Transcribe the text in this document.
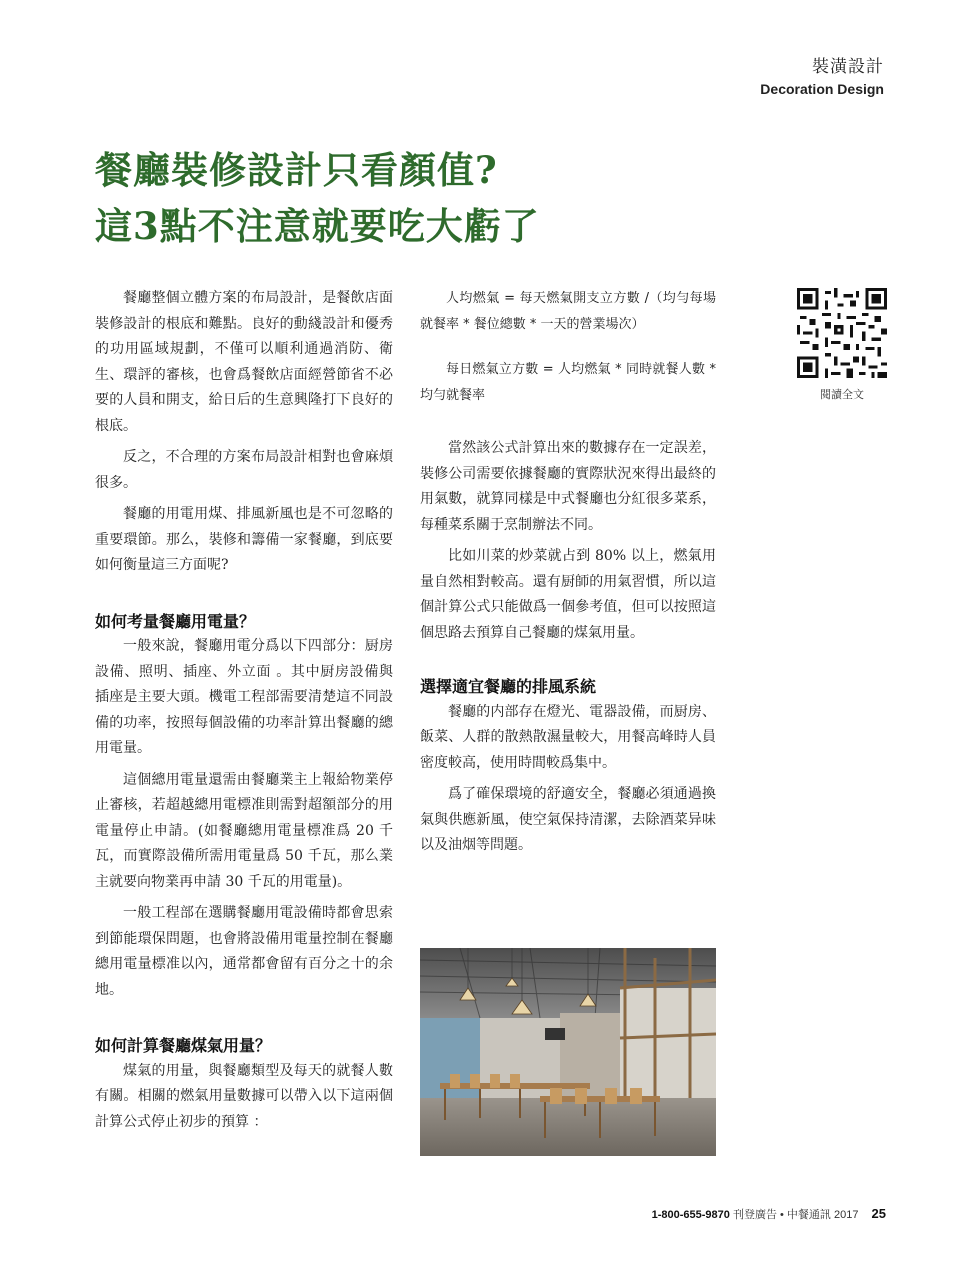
裝潢設計
Decoration Design
餐廳裝修設計只看顏值?
這3點不注意就要吃大虧了

餐廳整個立體方案的布局設計，是餐飲店面裝修設計的根底和難點。良好的動綫設計和優秀的功用區域規劃，不僅可以順利通過消防、衛生、環評的審核，也會爲餐飲店面經營節省不必要的人員和開支，給日后的生意興隆打下良好的根底。

反之，不合理的方案布局設計相對也會麻煩很多。

餐廳的用電用煤、排風新風也是不可忽略的重要環節。那么，裝修和籌備一家餐廳，到底要如何衡量這三方面呢?

如何考量餐廳用電量？

一般來說，餐廳用電分爲以下四部分：厨房設備、照明、插座、外立面 。其中厨房設備與插座是主要大頭。機電工程部需要清楚這不同設備的功率，按照每個設備的功率計算出餐廳的總用電量。

這個總用電量還需由餐廳業主上報給物業停止審核，若超越總用電標准則需對超額部分的用電量停止申請。(如餐廳總用電量標准爲 20 千瓦，而實際設備所需用電量爲 50 千瓦，那么業主就要向物業再申請 30 千瓦的用電量)。

一般工程部在選購餐廳用電設備時都會思索到節能環保問題，也會將設備用電量控制在餐廳總用電量標准以內，通常都會留有百分之十的余地。

如何計算餐廳煤氣用量？

煤氣的用量，與餐廳類型及每天的就餐人數有關。相關的燃氣用量數據可以帶入以下這兩個計算公式停止初步的預算 ：

人均燃氣 = 每天燃氣開支立方數 /（均勻每場就餐率 * 餐位總數 * 一天的營業場次）

每日燃氣立方數 = 人均燃氣 * 同時就餐人數 * 均勻就餐率

當然該公式計算出來的數據存在一定誤差，裝修公司需要依據餐廳的實際狀況來得出最終的用氣數，就算同樣是中式餐廳也分紅很多菜系，每種菜系關于烹制辦法不同。

比如川菜的炒菜就占到 80% 以上，燃氣用量自然相對較高。還有厨師的用氣習慣，所以這個計算公式只能做爲一個參考值，但可以按照這個思路去預算自己餐廳的煤氣用量。

選擇適宜餐廳的排風系統

餐廳的内部存在燈光、電器設備，而厨房、飯菜、人群的散熱散濕量較大，用餐高峰時人員密度較高，使用時間較爲集中。

爲了確保環境的舒適安全，餐廳必須通過換氣與供應新風，使空氣保持清潔，去除酒菜异味以及油烟等問題。

閱讀全文
1-800-655-9870 刊登廣告 • 中餐通訊 2017 25
